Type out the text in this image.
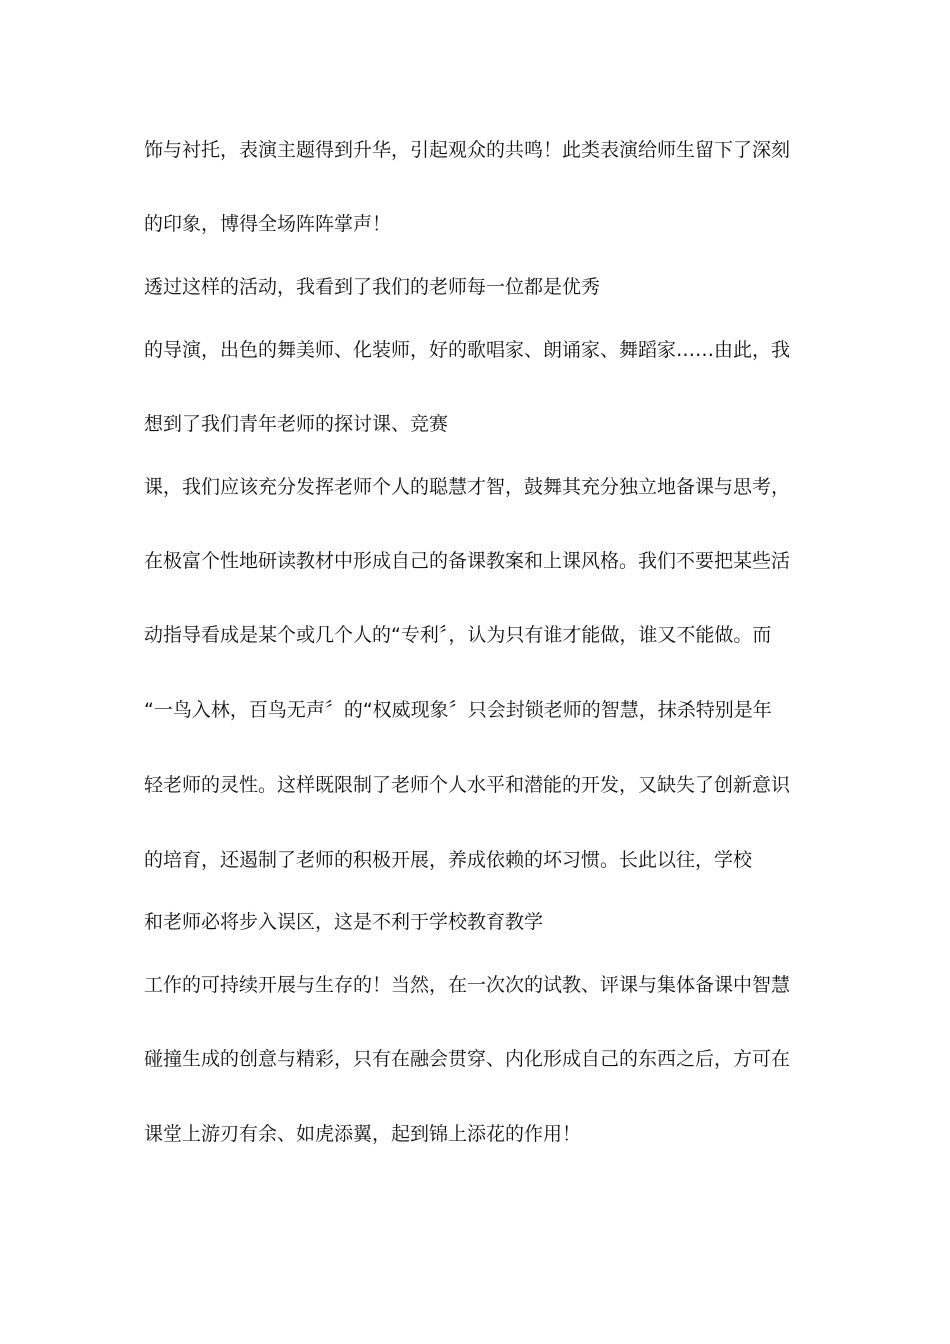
饰与衬托，表演主题得到升华，引起观众的共鸣！此类表演给师生留下了深刻
的印象，博得全场阵阵掌声！
透过这样的活动，我看到了我们的老师每一位都是优秀
的导演，出色的舞美师、化装师，好的歌唱家、朗诵家、舞蹈家……由此，我
想到了我们青年老师的探讨课、竞赛
课，我们应该充分发挥老师个人的聪慧才智，鼓舞其充分独立地备课与思考，
在极富个性地研读教材中形成自己的备课教案和上课风格。我们不要把某些活
动指导看成是某个或几个人的“专利〞，认为只有谁才能做，谁又不能做。而
“一鸟入林，百鸟无声〞的“权威现象〞只会封锁老师的智慧，抹杀特别是年
轻老师的灵性。这样既限制了老师个人水平和潜能的开发，又缺失了创新意识
的培育，还遏制了老师的积极开展，养成依赖的坏习惯。长此以往，学校
和老师必将步入误区，这是不利于学校教育教学
工作的可持续开展与生存的！当然，在一次次的试教、评课与集体备课中智慧
碰撞生成的创意与精彩，只有在融会贯穿、内化形成自己的东西之后，方可在
课堂上游刃有余、如虎添翼，起到锦上添花的作用！
